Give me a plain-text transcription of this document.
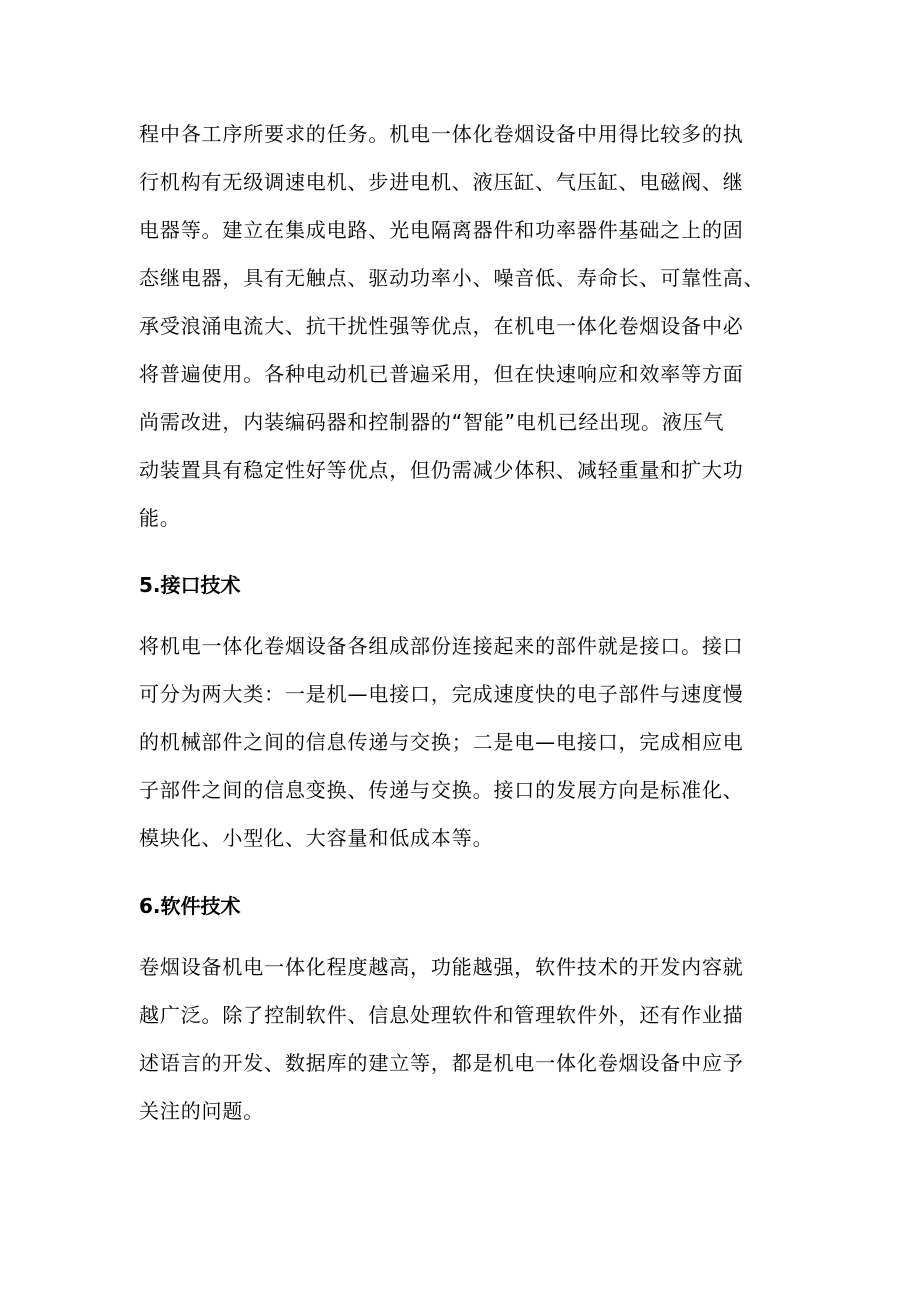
程中各工序所要求的任务。机电一体化卷烟设备中用得比较多的执

行机构有无级调速电机、步进电机、液压缸、气压缸、电磁阀、继

电器等。建立在集成电路、光电隔离器件和功率器件基础之上的固

态继电器，具有无触点、驱动功率小、噪音低、寿命长、可靠性高、

承受浪涌电流大、抗干扰性强等优点，在机电一体化卷烟设备中必

将普遍使用。各种电动机已普遍采用，但在快速响应和效率等方面

尚需改进，内装编码器和控制器的“智能”电机已经出现。液压气

动装置具有稳定性好等优点，但仍需减少体积、减轻重量和扩大功

能。

5.接口技术

将机电一体化卷烟设备各组成部份连接起来的部件就是接口。接口

可分为两大类：一是机—电接口，完成速度快的电子部件与速度慢

的机械部件之间的信息传递与交换；二是电—电接口，完成相应电

子部件之间的信息变换、传递与交换。接口的发展方向是标准化、

模块化、小型化、大容量和低成本等。

6.软件技术

卷烟设备机电一体化程度越高，功能越强，软件技术的开发内容就

越广泛。除了控制软件、信息处理软件和管理软件外，还有作业描

述语言的开发、数据库的建立等，都是机电一体化卷烟设备中应予

关注的问题。
